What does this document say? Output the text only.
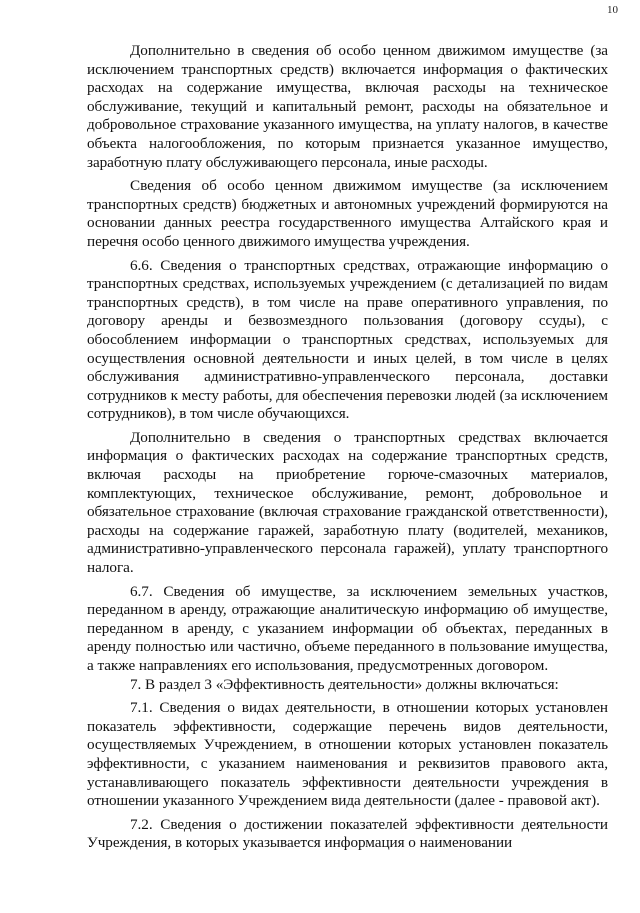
10

Дополнительно в сведения об особо ценном движимом имуществе (за исключением транспортных средств) включается информация о фактических расходах на содержание имущества, включая расходы на техническое обслуживание, текущий и капитальный ремонт, расходы на обязательное и добровольное страхование указанного имущества, на уплату налогов, в качестве объекта налогообложения, по которым признается указанное имущество, заработную плату обслуживающего персонала, иные расходы.

Сведения об особо ценном движимом имуществе (за исключением транспортных средств) бюджетных и автономных учреждений формируются на основании данных реестра государственного имущества Алтайского края и перечня особо ценного движимого имущества учреждения.

6.6. Сведения о транспортных средствах, отражающие информацию о транспортных средствах, используемых учреждением (с детализацией по видам транспортных средств), в том числе на праве оперативного управления, по договору аренды и безвозмездного пользования (договору ссуды), с обособлением информации о транспортных средствах, используемых для осуществления основной деятельности и иных целей, в том числе в целях обслуживания административно-управленческого персонала, доставки сотрудников к месту работы, для обеспечения перевозки людей (за исключением сотрудников), в том числе обучающихся.

Дополнительно в сведения о транспортных средствах включается информация о фактических расходах на содержание транспортных средств, включая расходы на приобретение горюче-смазочных материалов, комплектующих, техническое обслуживание, ремонт, добровольное и обязательное страхование (включая страхование гражданской ответственности), расходы на содержание гаражей, заработную плату (водителей, механиков, административно-управленческого персонала гаражей), уплату транспортного налога.

6.7. Сведения об имуществе, за исключением земельных участков, переданном в аренду, отражающие аналитическую информацию об имуществе, переданном в аренду, с указанием информации об объектах, переданных в аренду полностью или частично, объеме переданного в пользование имущества, а также направлениях его использования, предусмотренных договором.

7. В раздел 3 «Эффективность деятельности» должны включаться:

7.1. Сведения о видах деятельности, в отношении которых установлен показатель эффективности, содержащие перечень видов деятельности, осуществляемых Учреждением, в отношении которых установлен показатель эффективности, с указанием наименования и реквизитов правового акта, устанавливающего показатель эффективности деятельности учреждения в отношении указанного Учреждением вида деятельности (далее - правовой акт).

7.2. Сведения о достижении показателей эффективности деятельности Учреждения, в которых указывается информация о наименовании
